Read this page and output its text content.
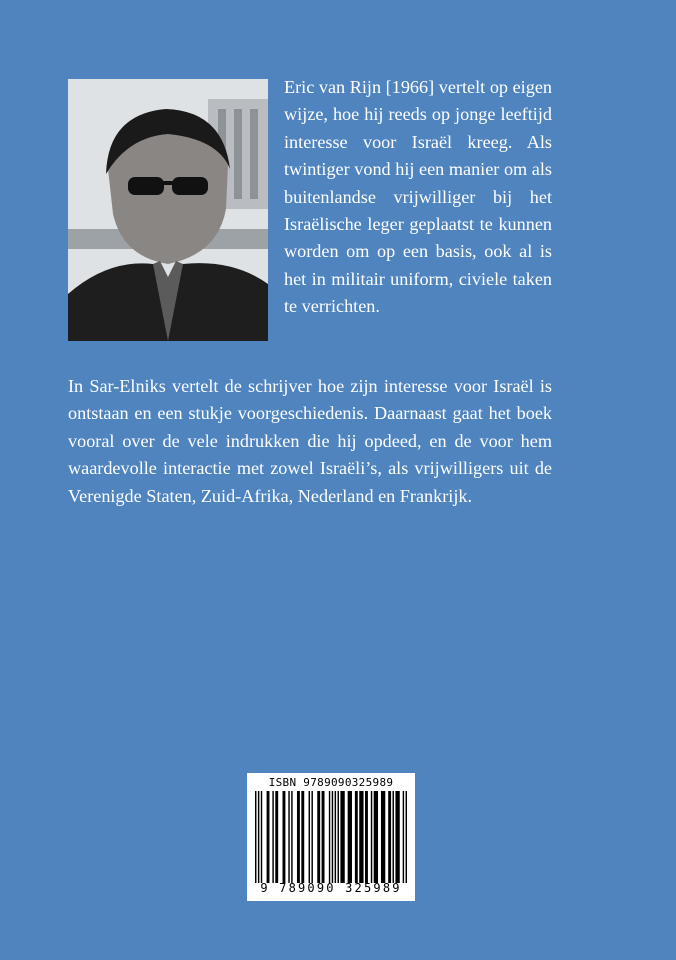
Eric van Rijn [1966] vertelt op eigen wijze, hoe hij reeds op jonge leeftijd interesse voor Israël kreeg. Als twintiger vond hij een manier om als buitenlandse vrijwilliger bij het Israëlische leger geplaatst te kunnen worden om op een basis, ook al is het in militair uniform, civiele taken te verrichten.

In Sar-Elniks vertelt de schrijver hoe zijn interesse voor Israël is ontstaan en een stukje voorgeschiedenis. Daarnaast gaat het boek vooral over de vele indrukken die hij opdeed, en de voor hem waardevolle interactie met zowel Israëli’s, als vrijwilligers uit de Verenigde Staten, Zuid-Afrika, Nederland en Frankrijk.

ISBN 9789090325989
9 789090 325989
